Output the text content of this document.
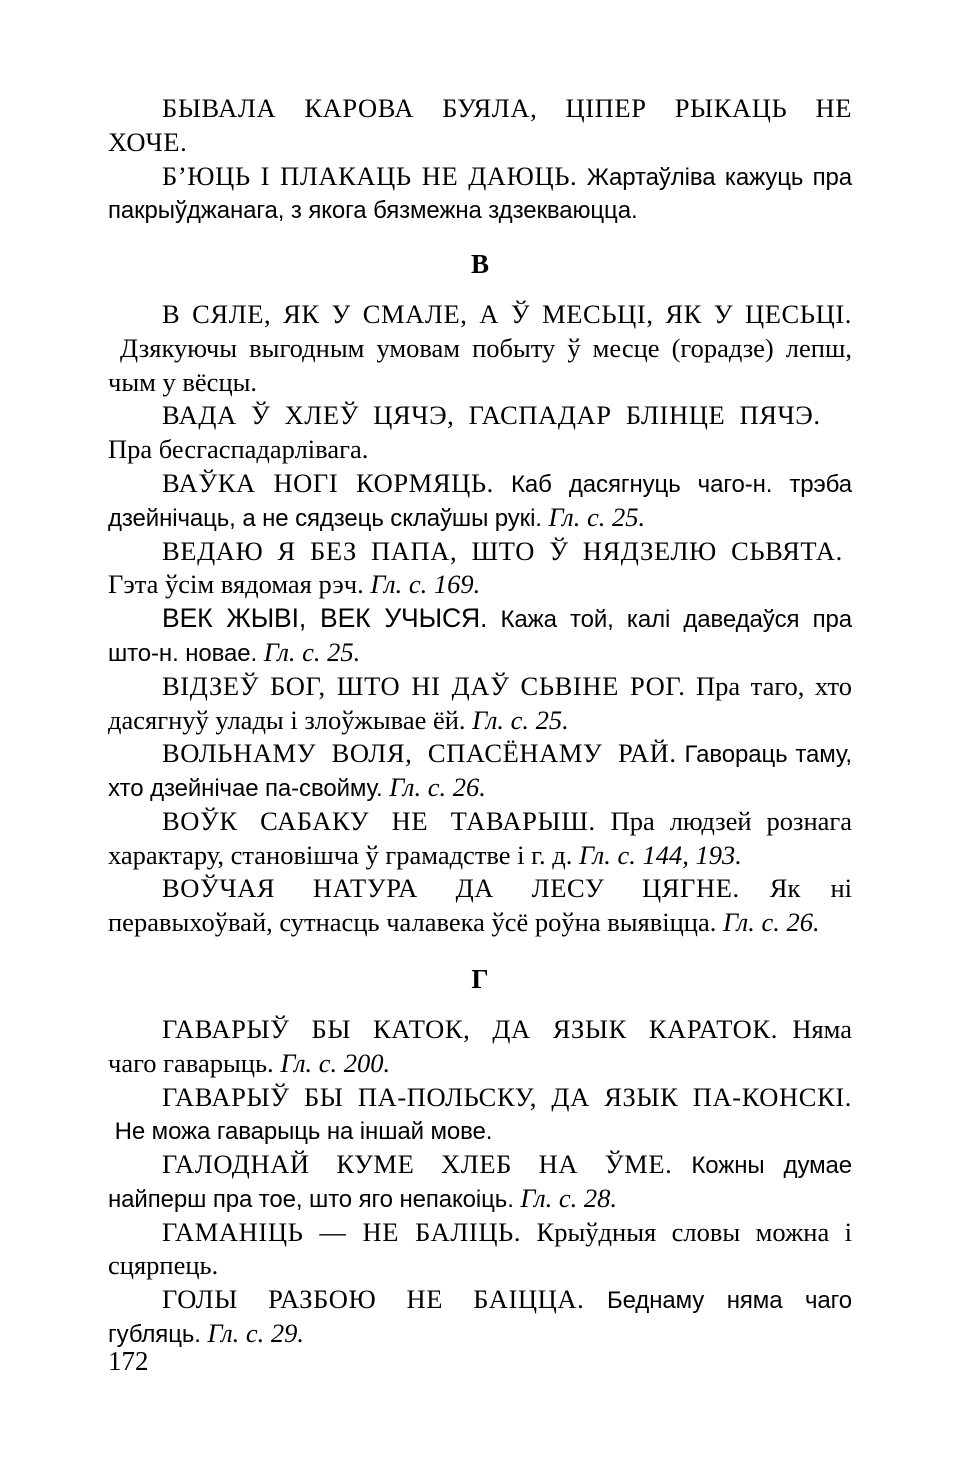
БЫВАЛА КАРОВА БУЯЛА, ЦІПЕР РЫКАЦЬ НЕ ХОЧЕ.

Б’ЮЦЬ І ПЛАКАЦЬ НЕ ДАЮЦЬ. Жартаўліва кажуць пра пакрыўджанага, з якога бязмежна здзекваюцца.

В

В СЯЛЕ, ЯК У СМАЛЕ, А Ў МЕСЬЦІ, ЯК У ЦЕСЬЦІ. Дзякуючы выгодным умовам побыту ў месце (горадзе) лепш, чым у вёсцы.

ВАДА Ў ХЛЕЎ ЦЯЧЭ, ГАСПАДАР БЛІНЦЕ ПЯЧЭ.

Пра бесгаспадарлівага.

ВАЎКА НОГІ КОРМЯЦЬ. Каб дасягнуць чаго-н. трэба дзейнічаць, а не сядзець склаўшы рукі. Гл. с. 25.

ВЕДАЮ Я БЕЗ ПАПА, ШТО Ў НЯДЗЕЛЮ СЬВЯТА.

Гэта ўсім вядомая рэч. Гл. с. 169.

ВЕК ЖЫВІ, ВЕК УЧЫСЯ. Кажа той, калі даведаўся пра што-н. новае. Гл. с. 25.

ВІДЗЕЎ БОГ, ШТО НІ ДАЎ СЬВІНЕ РОГ. Пра таго, хто дасягнуў улады і злоўжывае ёй. Гл. с. 25.

ВОЛЬНАМУ ВОЛЯ, СПАСЁНАМУ РАЙ. Гавораць таму, хто дзейнічае па-свойму. Гл. с. 26.

ВОЎК САБАКУ НЕ ТАВАРЫШ. Пра людзей рознага характару, становішча ў грамадстве і г. д. Гл. с. 144, 193.

ВОЎЧАЯ НАТУРА ДА ЛЕСУ ЦЯГНЕ. Як ні перавыхоўвай, сутнасць чалавека ўсё роўна выявіцца. Гл. с. 26.

Г

ГАВАРЫЎ БЫ КАТОК, ДА ЯЗЫК КАРАТОК. Няма чаго гаварыць. Гл. с. 200.

ГАВАРЫЎ БЫ ПА-ПОЛЬСКУ, ДА ЯЗЫК ПА-КОНСКІ. Не можа гаварыць на іншай мове.

ГАЛОДНАЙ КУМЕ ХЛЕБ НА ЎМЕ. Кожны думае найперш пра тое, што яго непакоіць. Гл. с. 28.

ГАМАНІЦЬ — НЕ БАЛІЦЬ. Крыўдныя словы можна і сцярпець.

ГОЛЫ РАЗБОЮ НЕ БАІЦЦА. Беднаму няма чаго губляць. Гл. с. 29.

172
